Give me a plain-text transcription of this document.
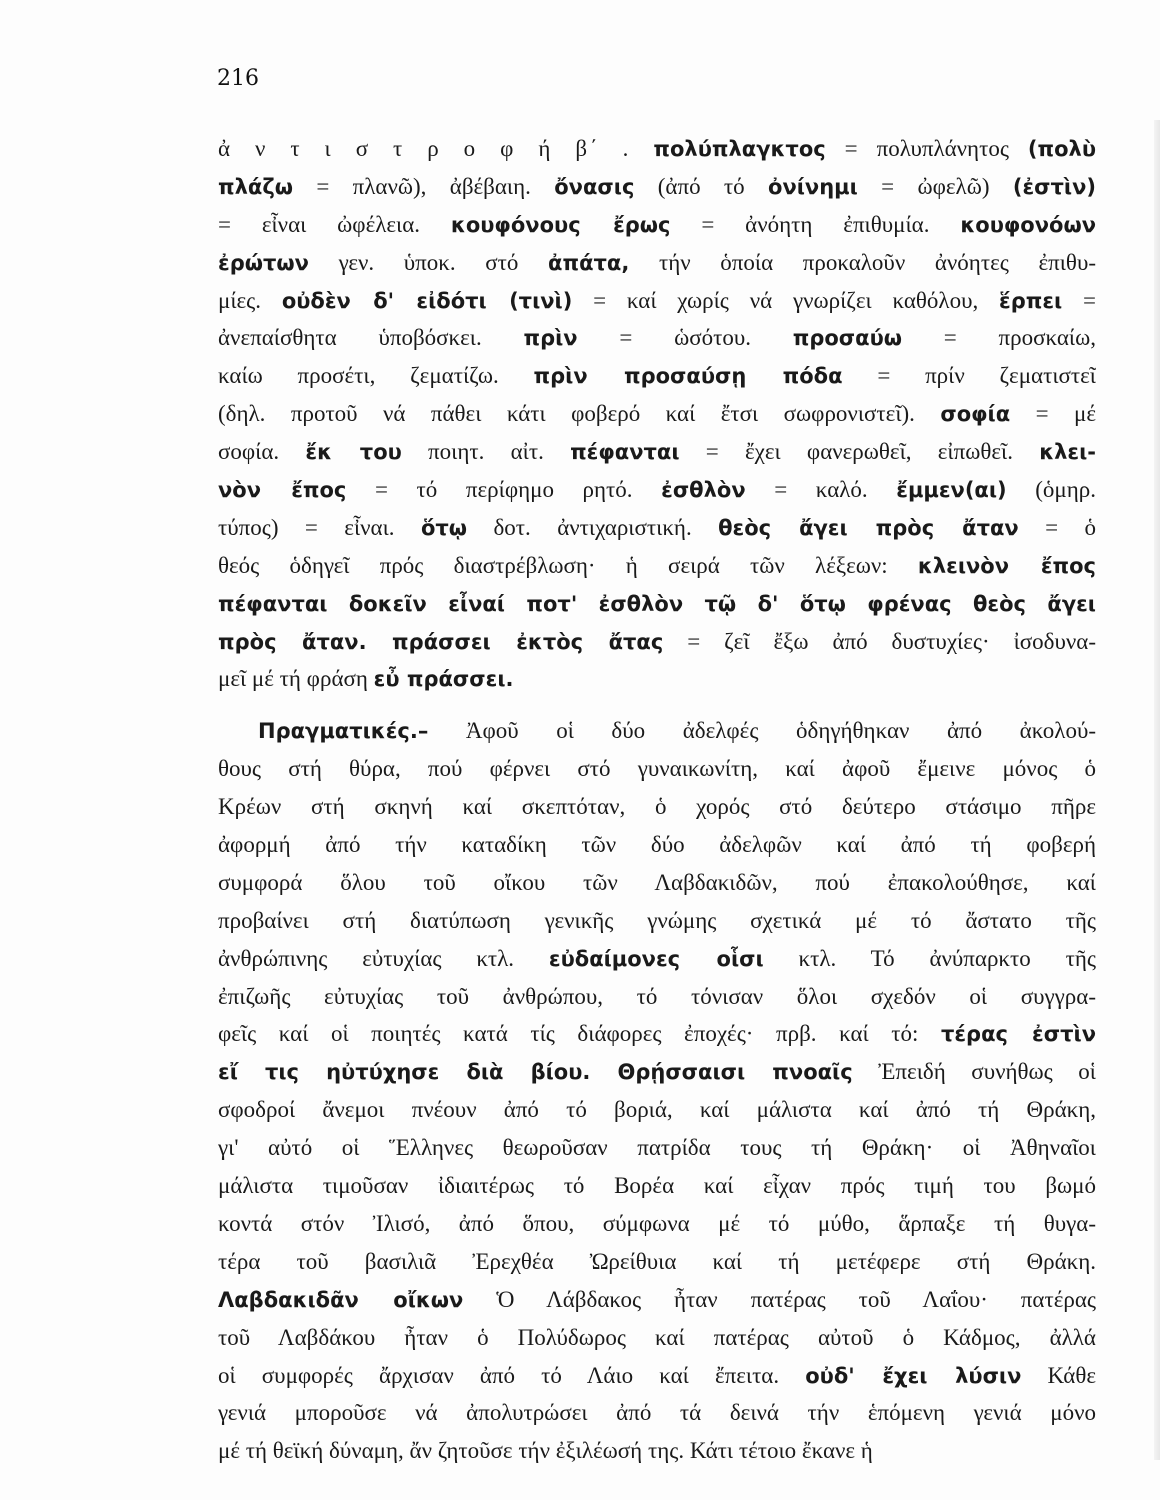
216

ἀ ν τ ι σ τ ρ ο φ ή β΄ . πολύπλαγκτος = πολυπλάνητος (πολὺ
πλάζω = πλανῶ), ἀβέβαιη. ὄνασις (ἀπό τό ὀνίνημι = ὠφελῶ) (ἐστὶν)
= εἶναι ὠφέλεια. κουφόνους ἔρως = ἀνόητη ἐπιθυμία. κουφονόων
ἐρώτων γεν. ὑποκ. στό ἀπάτα, τήν ὁποία προκαλοῦν ἀνόητες ἐπιθυ-
μίες. οὐδὲν δ' εἰδότι (τινὶ) = καί χωρίς νά γνωρίζει καθόλου, ἕρπει =
ἀνεπαίσθητα ὑποβόσκει. πρὶν = ὡσότου. προσαύω = προσκαίω,
καίω προσέτι, ζεματίζω. πρὶν προσαύσῃ πόδα = πρίν ζεματιστεῖ
(δηλ. προτοῦ νά πάθει κάτι φοβερό καί ἔτσι σωφρονιστεῖ). σοφία = μέ
σοφία. ἔκ του ποιητ. αἰτ. πέφανται = ἔχει φανερωθεῖ, εἰπωθεῖ. κλει-
νὸν ἔπος = τό περίφημο ρητό. ἐσθλὸν = καλό. ἔμμεν(αι) (ὁμηρ.
τύπος) = εἶναι. ὅτῳ δοτ. ἀντιχαριστική. θεὸς ἄγει πρὸς ἄταν = ὁ
θεός ὁδηγεῖ πρός διαστρέβλωση· ἡ σειρά τῶν λέξεων: κλεινὸν ἔπος
πέφανται δοκεῖν εἶναί ποτ' ἐσθλὸν τῷ δ' ὅτῳ φρένας θεὸς ἄγει
πρὸς ἄταν. πράσσει ἐκτὸς ἄτας = ζεῖ ἔξω ἀπό δυστυχίες· ἰσοδυνα-
μεῖ μέ τή φράση εὖ πράσσει.

Πραγματικές.– Ἀφοῦ οἱ δύο ἀδελφές ὁδηγήθηκαν ἀπό ἀκολού-
θους στή θύρα, πού φέρνει στό γυναικωνίτη, καί ἀφοῦ ἔμεινε μόνος ὁ
Κρέων στή σκηνή καί σκεπτόταν, ὁ χορός στό δεύτερο στάσιμο πῆρε
ἀφορμή ἀπό τήν καταδίκη τῶν δύο ἀδελφῶν καί ἀπό τή φοβερή
συμφορά ὅλου τοῦ οἴκου τῶν Λαβδακιδῶν, πού ἐπακολούθησε, καί
προβαίνει στή διατύπωση γενικῆς γνώμης σχετικά μέ τό ἄστατο τῆς
ἀνθρώπινης εὐτυχίας κτλ. εὐδαίμονες οἷσι κτλ. Τό ἀνύπαρκτο τῆς
ἐπιζωῆς εὐτυχίας τοῦ ἀνθρώπου, τό τόνισαν ὅλοι σχεδόν οἱ συγγρα-
φεῖς καί οἱ ποιητές κατά τίς διάφορες ἐποχές· πρβ. καί τό: τέρας ἐστὶν
εἴ τις ηὐτύχησε διὰ βίου. Θρῄσσαισι πνοαῖς Ἐπειδή συνήθως οἱ
σφοδροί ἄνεμοι πνέουν ἀπό τό βοριά, καί μάλιστα καί ἀπό τή Θράκη,
γι' αὐτό οἱ Ἕλληνες θεωροῦσαν πατρίδα τους τή Θράκη· οἱ Ἀθηναῖοι
μάλιστα τιμοῦσαν ἰδιαιτέρως τό Βορέα καί εἶχαν πρός τιμή του βωμό
κοντά στόν Ἰλισό, ἀπό ὅπου, σύμφωνα μέ τό μύθο, ἅρπαξε τή θυγα-
τέρα τοῦ βασιλιᾶ Ἐρεχθέα Ὠρείθυια καί τή μετέφερε στή Θράκη.
Λαβδακιδᾶν οἴκων Ὁ Λάβδακος ἦταν πατέρας τοῦ Λαΐου· πατέρας
τοῦ Λαβδάκου ἦταν ὁ Πολύδωρος καί πατέρας αὐτοῦ ὁ Κάδμος, ἀλλά
οἱ συμφορές ἄρχισαν ἀπό τό Λάιο καί ἔπειτα. οὐδ' ἔχει λύσιν Κάθε
γενιά μποροῦσε νά ἀπολυτρώσει ἀπό τά δεινά τήν ἑπόμενη γενιά μόνο
μέ τή θεϊκή δύναμη, ἄν ζητοῦσε τήν ἐξιλέωσή της. Κάτι τέτοιο ἔκανε ἡ
